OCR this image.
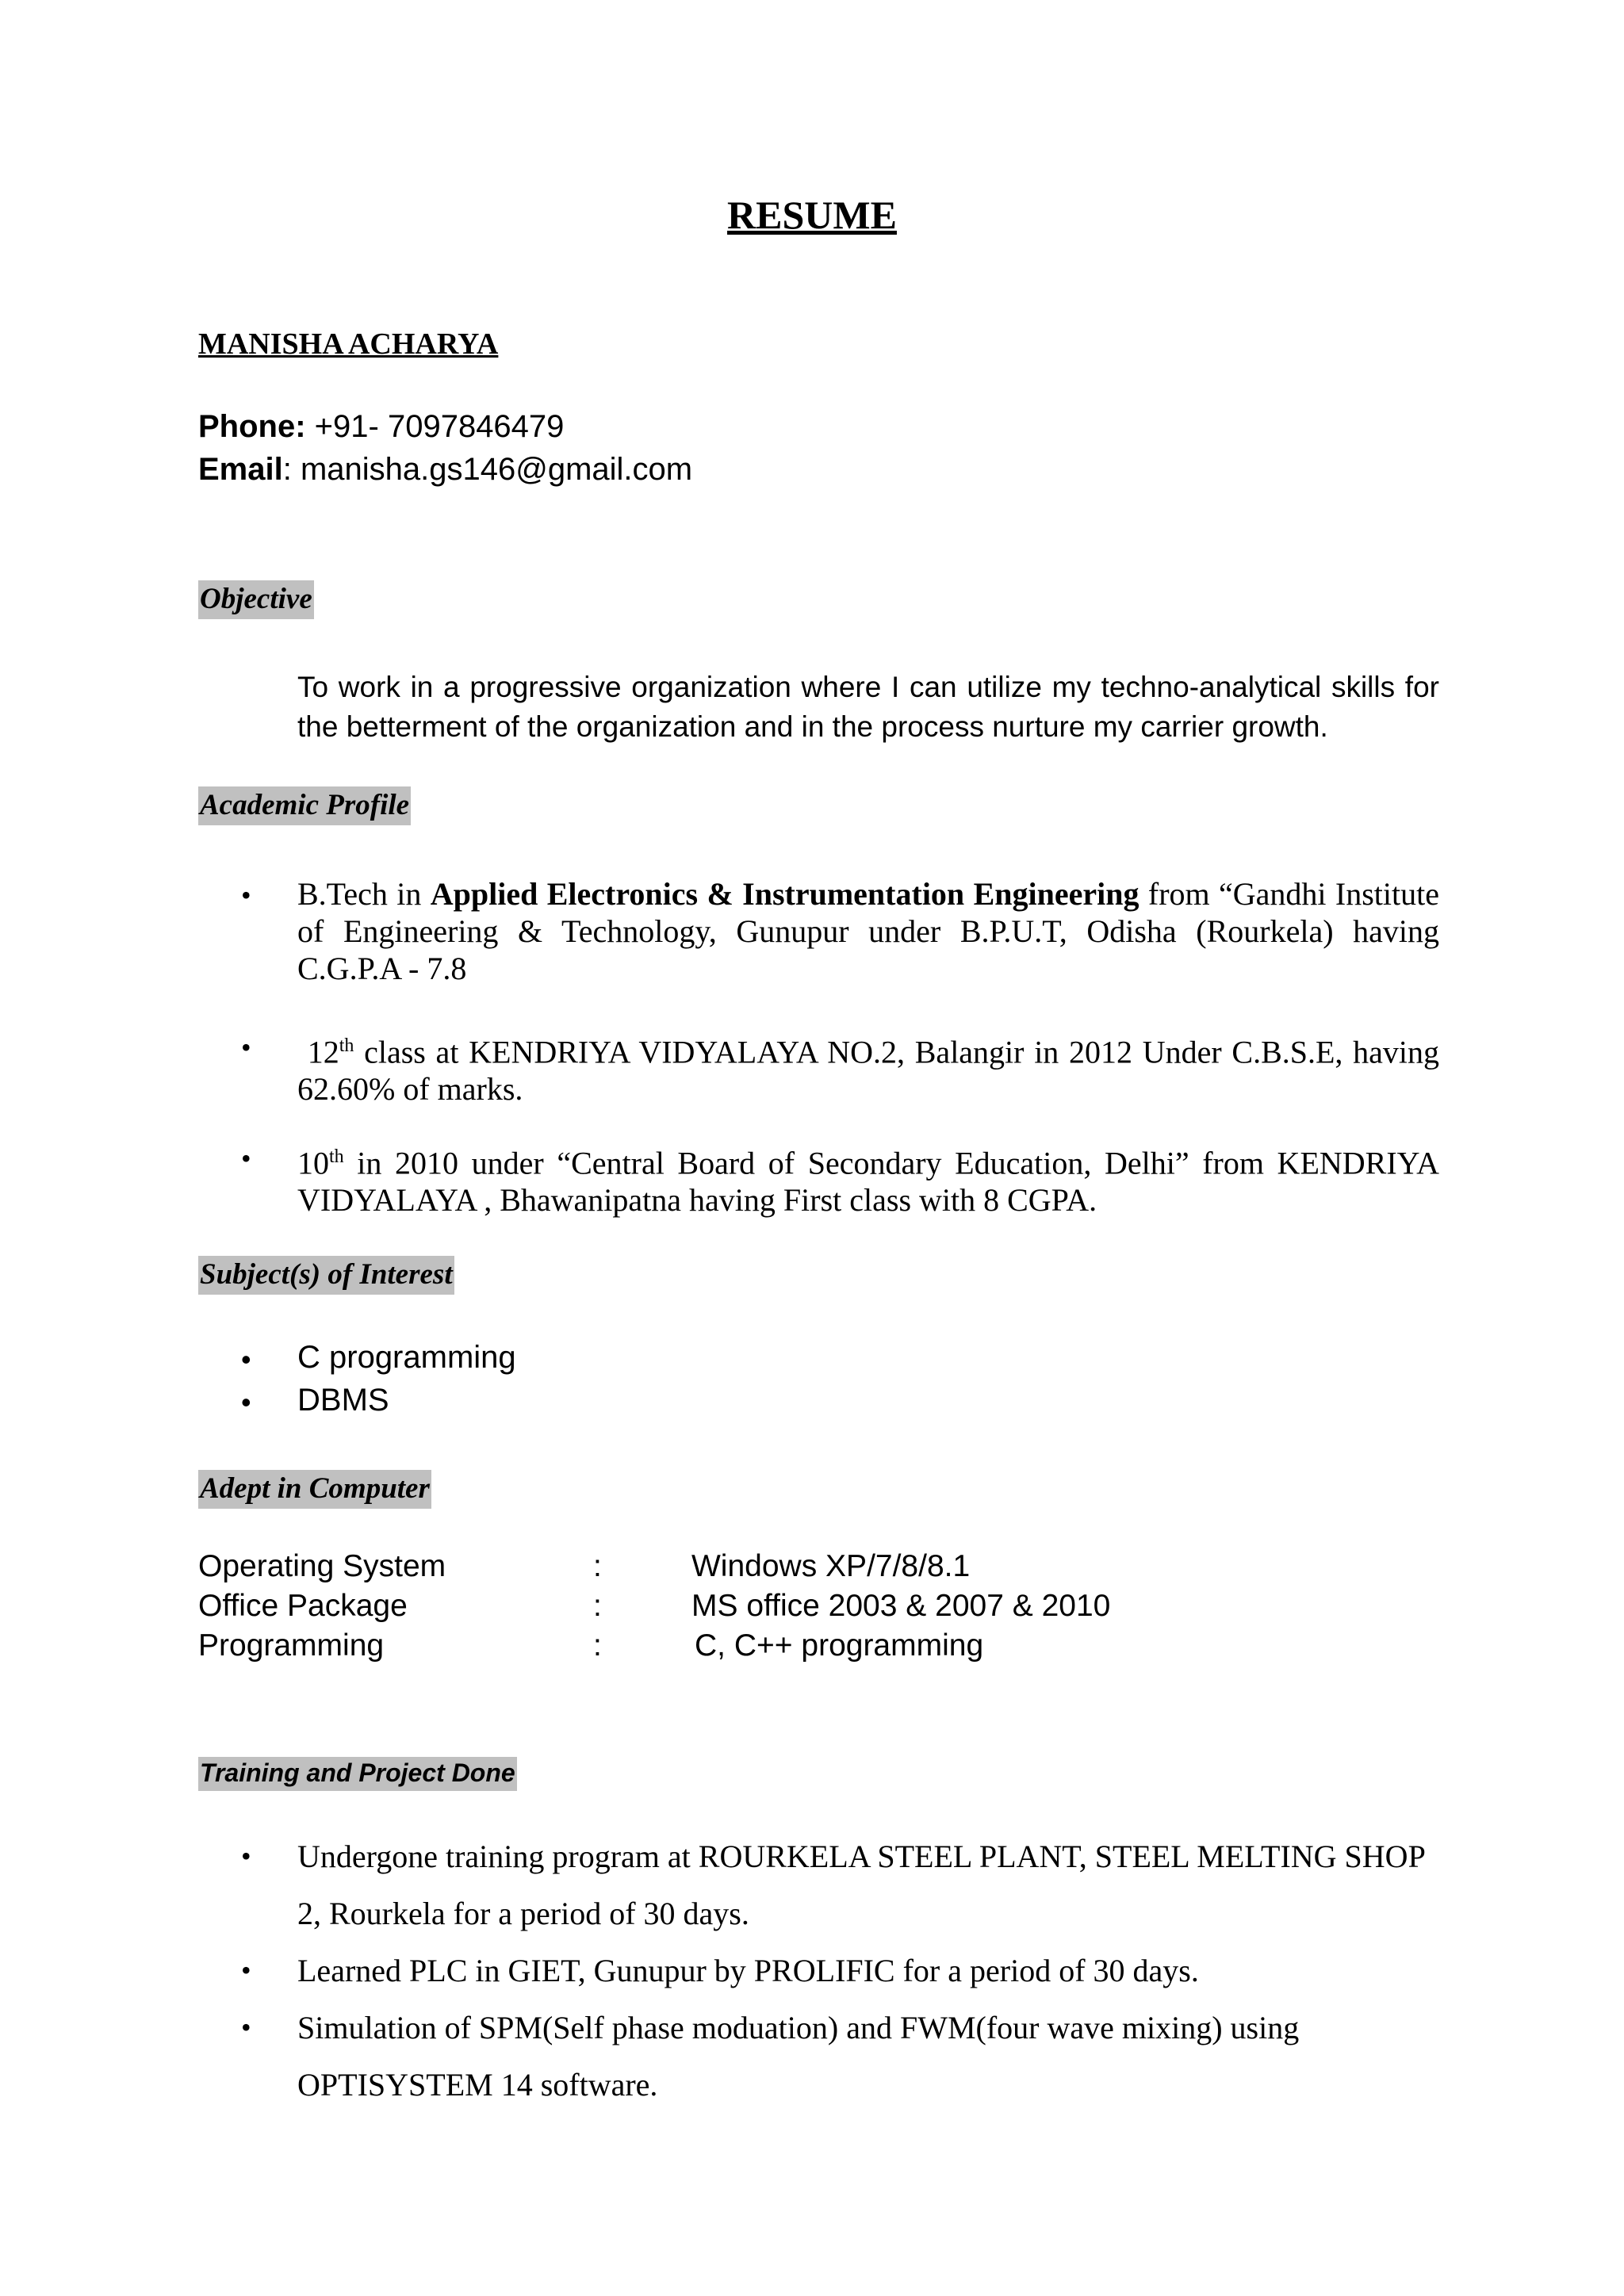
RESUME
MANISHA ACHARYA
Phone: +91- 7097846479
Email: manisha.gs146@gmail.com
Objective
To work in a progressive organization where I can utilize my techno-analytical skills for the betterment of the organization and in the process nurture my carrier growth.
Academic Profile
• B.Tech in Applied Electronics & Instrumentation Engineering from “Gandhi Institute of Engineering & Technology, Gunupur under B.P.U.T, Odisha (Rourkela) having C.G.P.A - 7.8
•	12th class at KENDRIYA VIDYALAYA NO.2, Balangir in 2012 Under C.B.S.E, having 62.60% of marks.
• 10th in 2010 under “Central Board of Secondary Education, Delhi” from KENDRIYA VIDYALAYA , Bhawanipatna having First class with 8 CGPA.
Subject(s) of Interest
• C programming
• DBMS
Adept in Computer
Operating System	:	Windows XP/7/8/8.1
Office Package	:	MS office 2003 & 2007 & 2010
Programming	:	C, C++ programming
Training and Project Done
• Undergone training program at ROURKELA STEEL PLANT, STEEL MELTING SHOP 2, Rourkela for a period of 30 days.
• Learned PLC in GIET, Gunupur by PROLIFIC for a period of 30 days.
• Simulation of SPM(Self phase moduation) and FWM(four wave mixing) using OPTISYSTEM 14 software.
